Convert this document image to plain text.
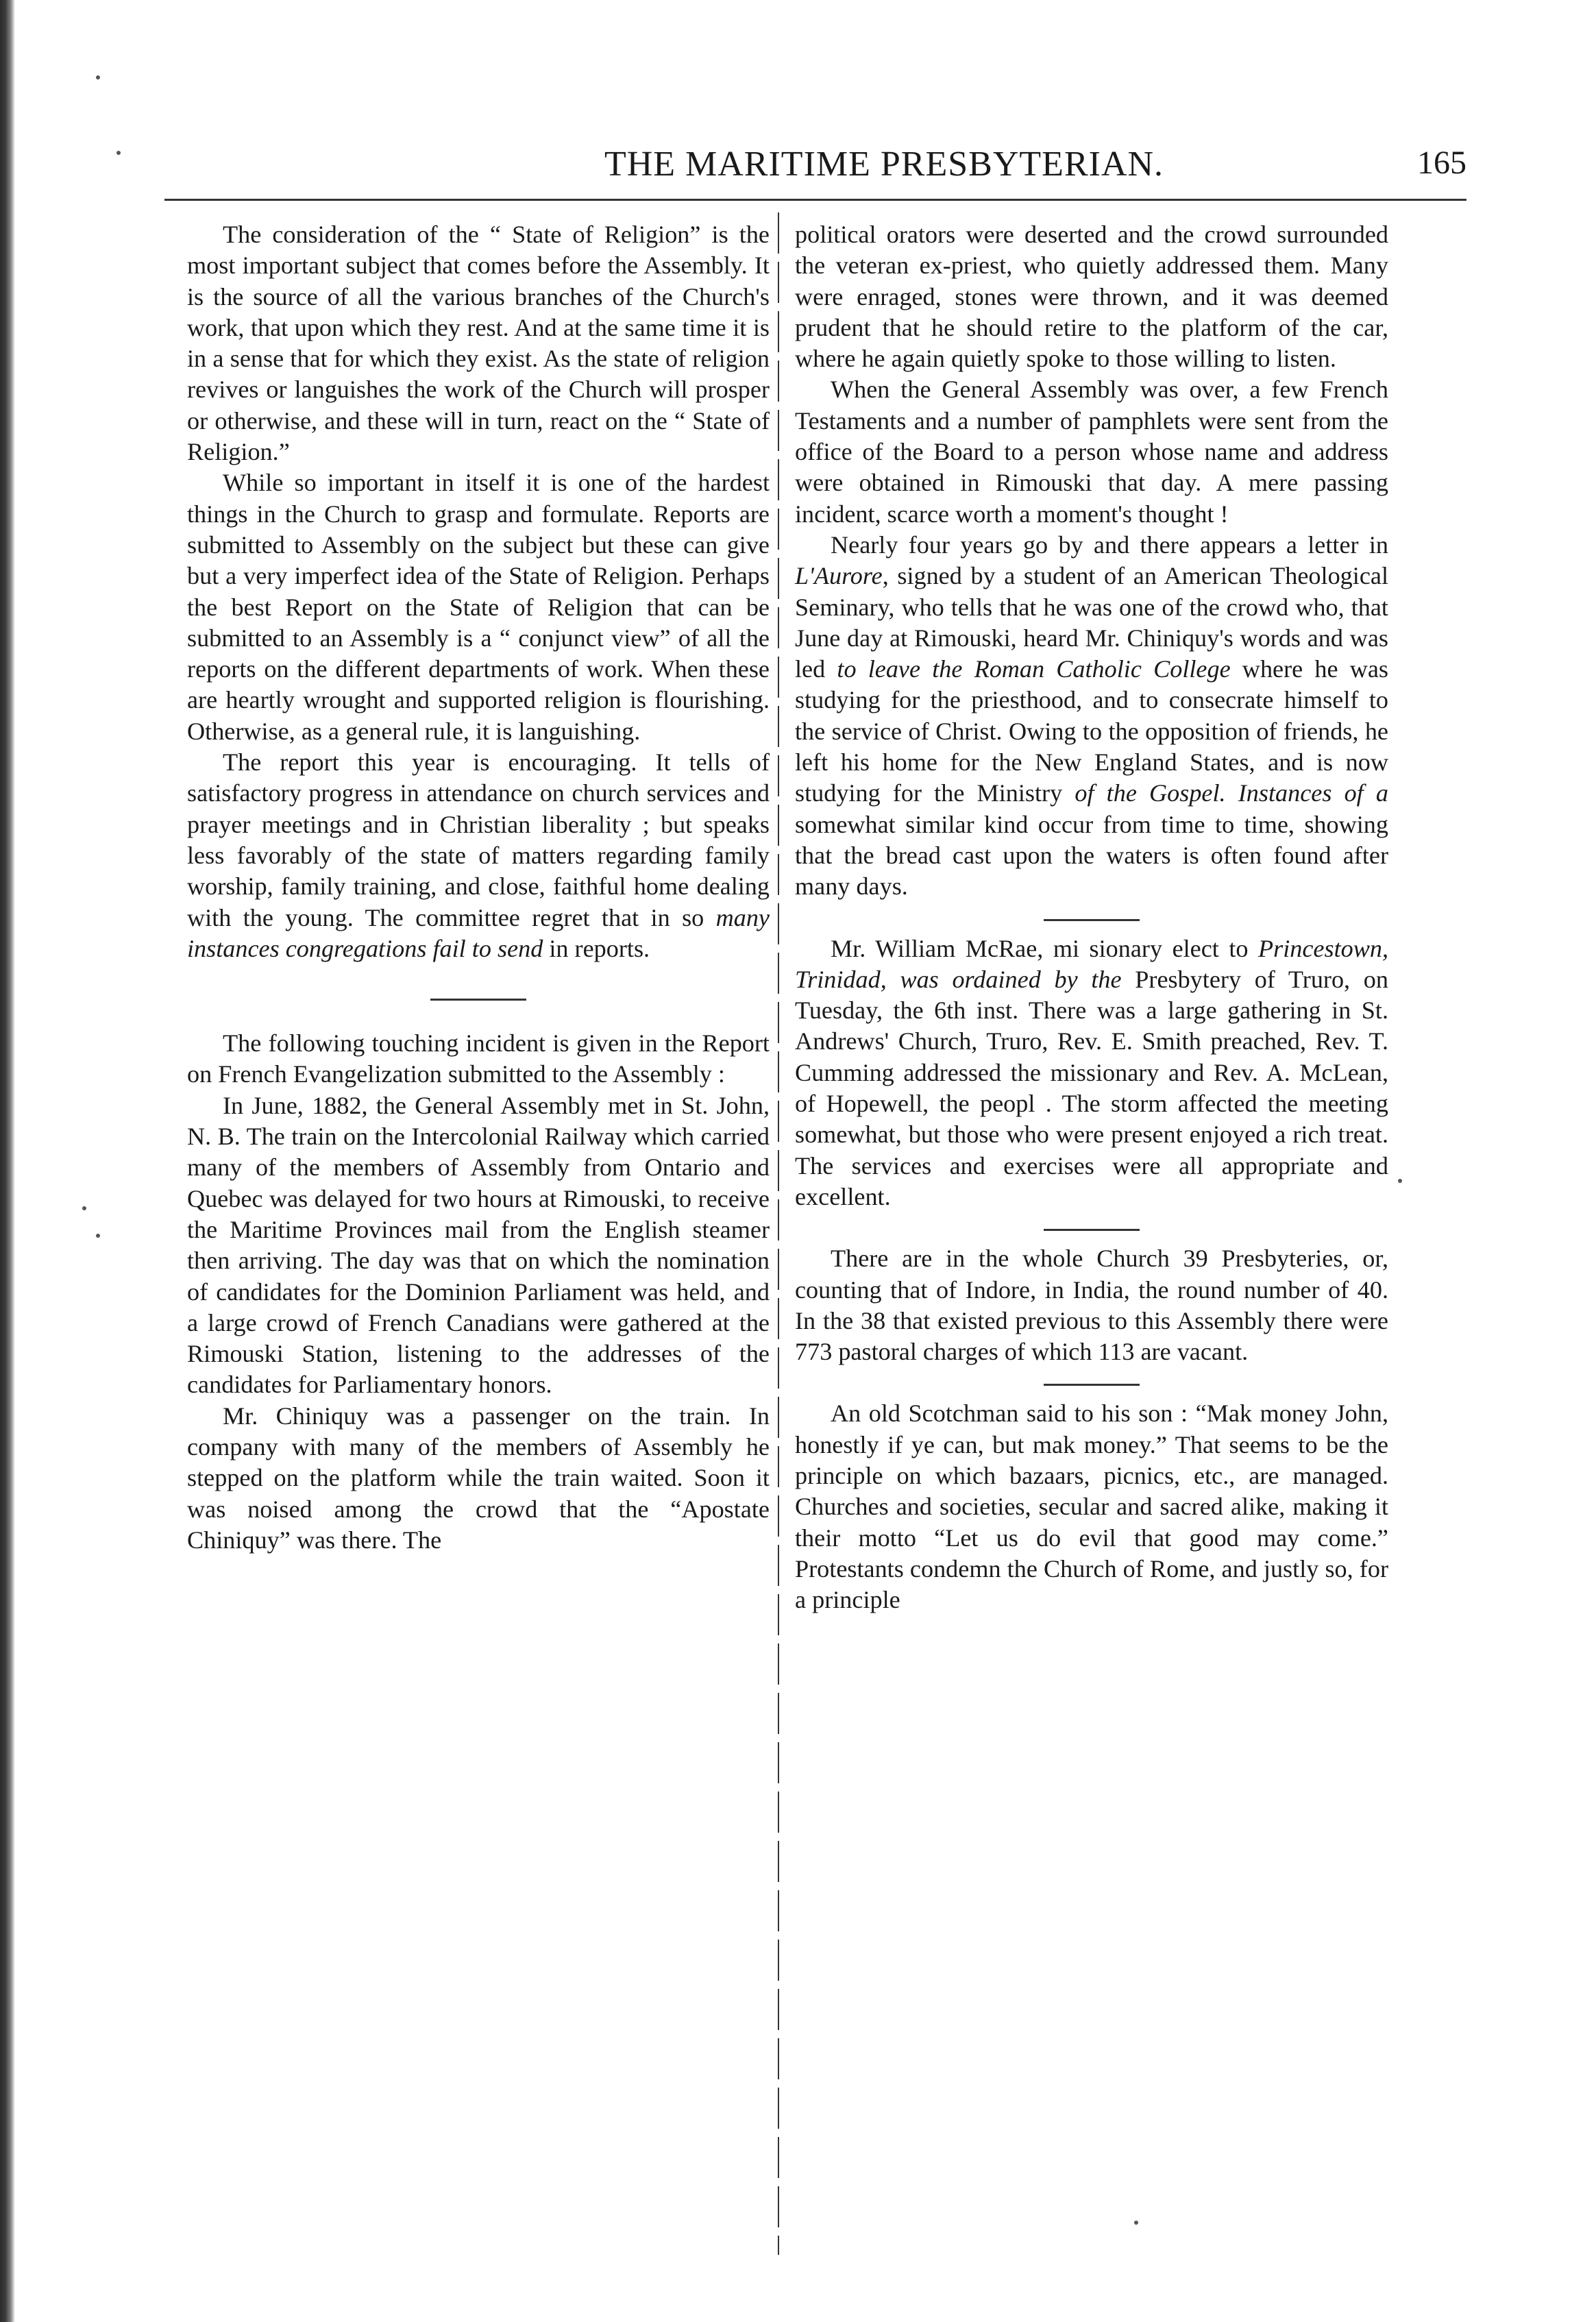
THE MARITIME PRESBYTERIAN.	165

The consideration of the “ State of Religion” is the most important subject that comes before the Assembly. It is the source of all the various branches of the Church's work, that upon which they rest. And at the same time it is in a sense that for which they exist. As the state of religion revives or languishes the work of the Church will prosper or otherwise, and these will in turn, react on the “ State of Religion.”

While so important in itself it is one of the hardest things in the Church to grasp and formulate. Reports are submitted to Assembly on the subject but these can give but a very imperfect idea of the State of Religion. Perhaps the best Report on the State of Religion that can be submitted to an Assembly is a “ conjunct view” of all the reports on the different departments of work. When these are heartly wrought and supported religion is flourishing. Otherwise, as a general rule, it is languishing.

The report this year is encouraging. It tells of satisfactory progress in attendance on church services and prayer meetings and in Christian liberality ; but speaks less favorably of the state of matters regarding family worship, family training, and close, faithful home dealing with the young. The committee regret that in so many instances congregations fail to send in reports.

The following touching incident is given in the Report on French Evangelization submitted to the Assembly :

In June, 1882, the General Assembly met in St. John, N. B. The train on the Intercolonial Railway which carried many of the members of Assembly from Ontario and Quebec was delayed for two hours at Rimouski, to receive the Maritime Provinces mail from the English steamer then arriving. The day was that on which the nomination of candidates for the Dominion Parliament was held, and a large crowd of French Canadians were gathered at the Rimouski Station, listening to the addresses of the candidates for Parliamentary honors.

Mr. Chiniquy was a passenger on the train. In company with many of the members of Assembly he stepped on the platform while the train waited. Soon it was noised among the crowd that the “Apostate Chiniquy” was there. The

political orators were deserted and the crowd surrounded the veteran ex-priest, who quietly addressed them. Many were enraged, stones were thrown, and it was deemed prudent that he should retire to the platform of the car, where he again quietly spoke to those willing to listen.

When the General Assembly was over, a few French Testaments and a number of pamphlets were sent from the office of the Board to a person whose name and address were obtained in Rimouski that day. A mere passing incident, scarce worth a moment's thought !

Nearly four years go by and there appears a letter in L'Aurore, signed by a student of an American Theological Seminary, who tells that he was one of the crowd who, that June day at Rimouski, heard Mr. Chiniquy's words and was led to leave the Roman Catholic College where he was studying for the priesthood, and to consecrate himself to the service of Christ. Owing to the opposition of friends, he left his home for the New England States, and is now studying for the Ministry of the Gospel. Instances of a somewhat similar kind occur from time to time, showing that the bread cast upon the waters is often found after many days.

Mr. William McRae, mi sionary elect to Princestown, Trinidad, was ordained by the Presbytery of Truro, on Tuesday, the 6th inst. There was a large gathering in St. Andrews' Church, Truro, Rev. E. Smith preached, Rev. T. Cumming addressed the missionary and Rev. A. McLean, of Hopewell, the peopl . The storm affected the meeting somewhat, but those who were present enjoyed a rich treat. The services and exercises were all appropriate and excellent.

There are in the whole Church 39 Presbyteries, or, counting that of Indore, in India, the round number of 40. In the 38 that existed previous to this Assembly there were 773 pastoral charges of which 113 are vacant.

An old Scotchman said to his son : “Mak money John, honestly if ye can, but mak money.” That seems to be the principle on which bazaars, picnics, etc., are managed. Churches and societies, secular and sacred alike, making it their motto “Let us do evil that good may come.” Protestants condemn the Church of Rome, and justly so, for a principle
